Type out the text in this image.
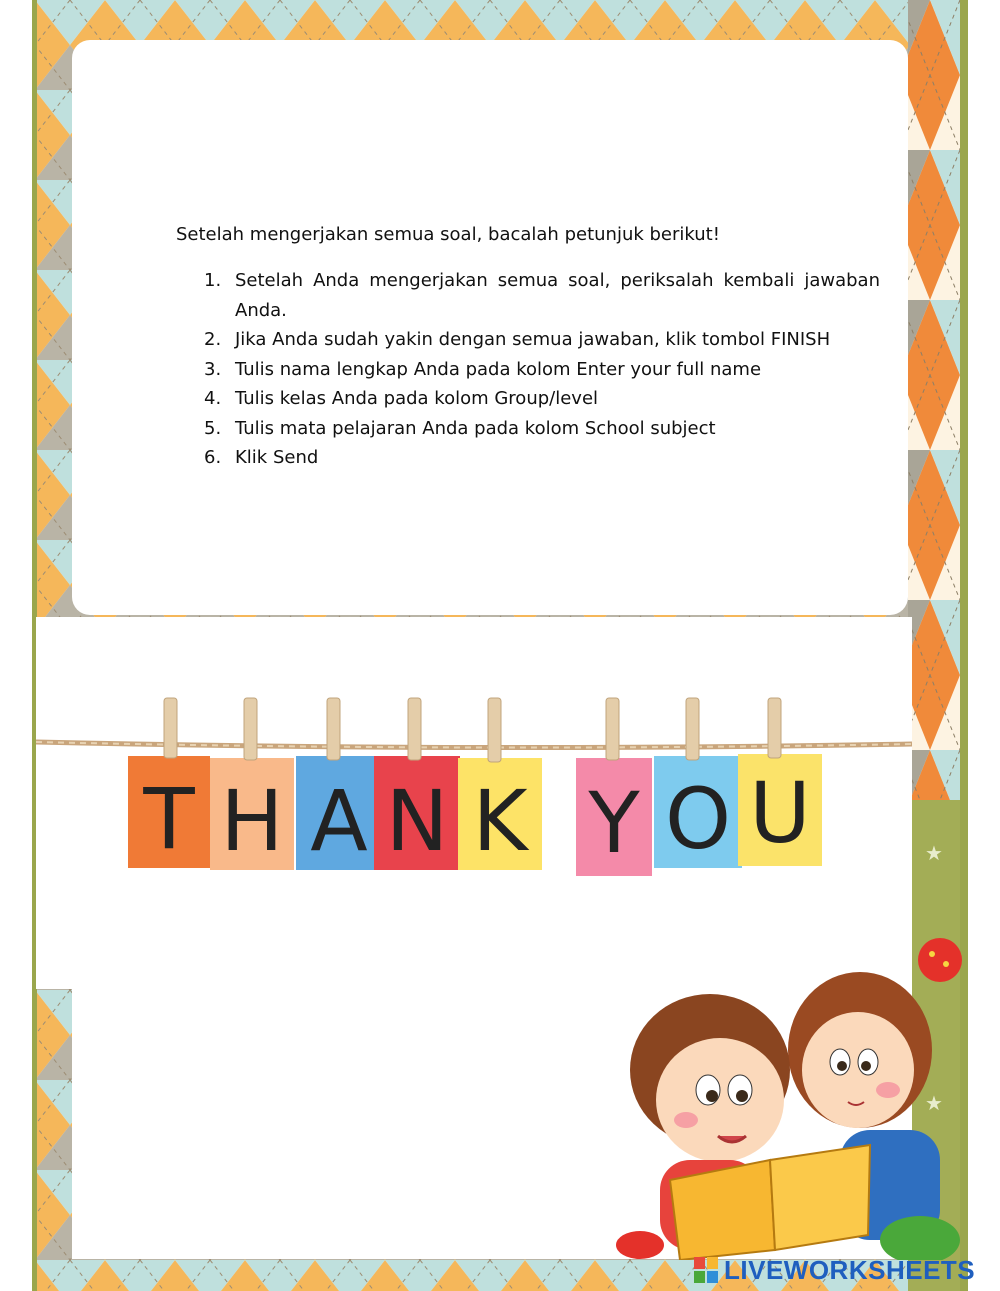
★
★
Setelah mengerjakan semua soal, bacalah petunjuk berikut!
1. Setelah Anda mengerjakan semua soal, periksalah kembali jawaban Anda.
2. Jika Anda sudah yakin dengan semua jawaban, klik tombol FINISH
3. Tulis nama lengkap Anda pada kolom Enter your full name
4. Tulis kelas Anda pada kolom Group/level
5. Tulis mata pelajaran Anda pada kolom School subject
6. Klik Send
T H A N K Y O U
LIVEWORKSHEETS
